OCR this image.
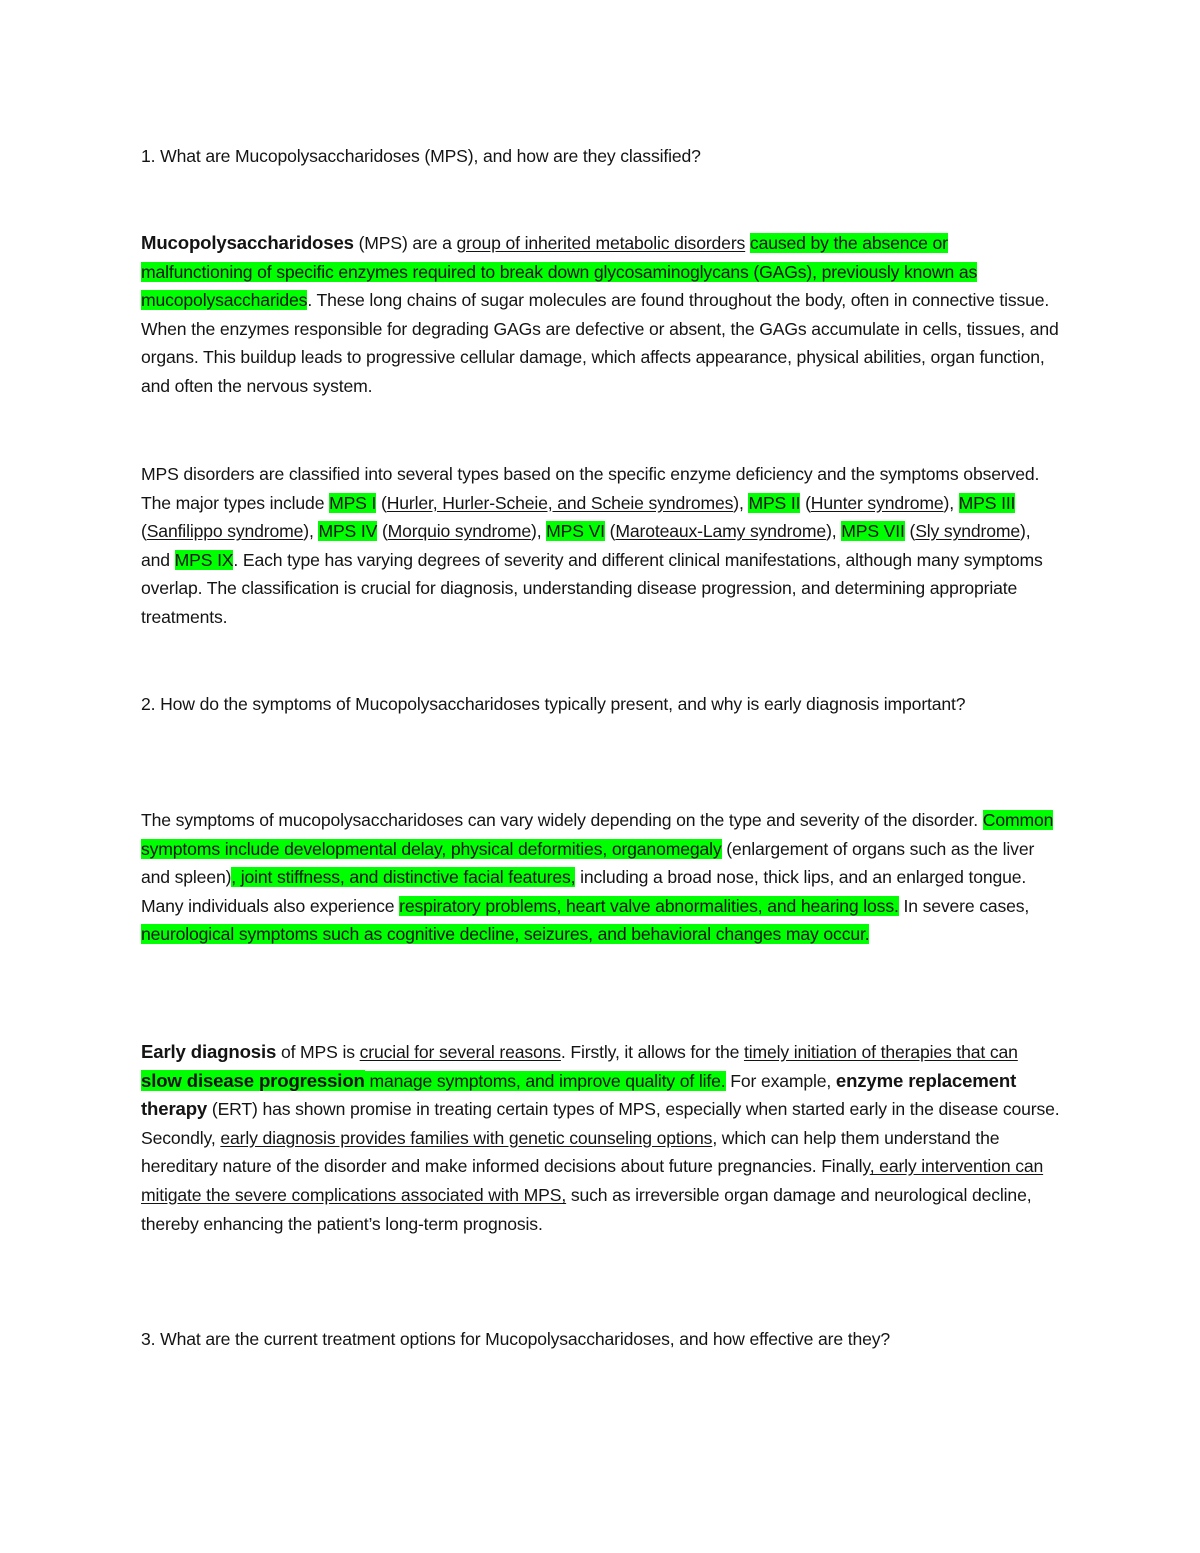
1. What are Mucopolysaccharidoses (MPS), and how are they classified?

Mucopolysaccharidoses (MPS) are a group of inherited metabolic disorders caused by the absence or malfunctioning of specific enzymes required to break down glycosaminoglycans (GAGs), previously known as mucopolysaccharides. These long chains of sugar molecules are found throughout the body, often in connective tissue. When the enzymes responsible for degrading GAGs are defective or absent, the GAGs accumulate in cells, tissues, and organs. This buildup leads to progressive cellular damage, which affects appearance, physical abilities, organ function, and often the nervous system.

MPS disorders are classified into several types based on the specific enzyme deficiency and the symptoms observed. The major types include MPS I (Hurler, Hurler-Scheie, and Scheie syndromes), MPS II (Hunter syndrome), MPS III (Sanfilippo syndrome), MPS IV (Morquio syndrome), MPS VI (Maroteaux-Lamy syndrome), MPS VII (Sly syndrome), and MPS IX. Each type has varying degrees of severity and different clinical manifestations, although many symptoms overlap. The classification is crucial for diagnosis, understanding disease progression, and determining appropriate treatments.

2. How do the symptoms of Mucopolysaccharidoses typically present, and why is early diagnosis important?

The symptoms of mucopolysaccharidoses can vary widely depending on the type and severity of the disorder. Common symptoms include developmental delay, physical deformities, organomegaly (enlargement of organs such as the liver and spleen), joint stiffness, and distinctive facial features, including a broad nose, thick lips, and an enlarged tongue. Many individuals also experience respiratory problems, heart valve abnormalities, and hearing loss. In severe cases, neurological symptoms such as cognitive decline, seizures, and behavioral changes may occur.

Early diagnosis of MPS is crucial for several reasons. Firstly, it allows for the timely initiation of therapies that can slow disease progression manage symptoms, and improve quality of life. For example, enzyme replacement therapy (ERT) has shown promise in treating certain types of MPS, especially when started early in the disease course. Secondly, early diagnosis provides families with genetic counseling options, which can help them understand the hereditary nature of the disorder and make informed decisions about future pregnancies. Finally, early intervention can mitigate the severe complications associated with MPS, such as irreversible organ damage and neurological decline, thereby enhancing the patient’s long-term prognosis.

3. What are the current treatment options for Mucopolysaccharidoses, and how effective are they?
